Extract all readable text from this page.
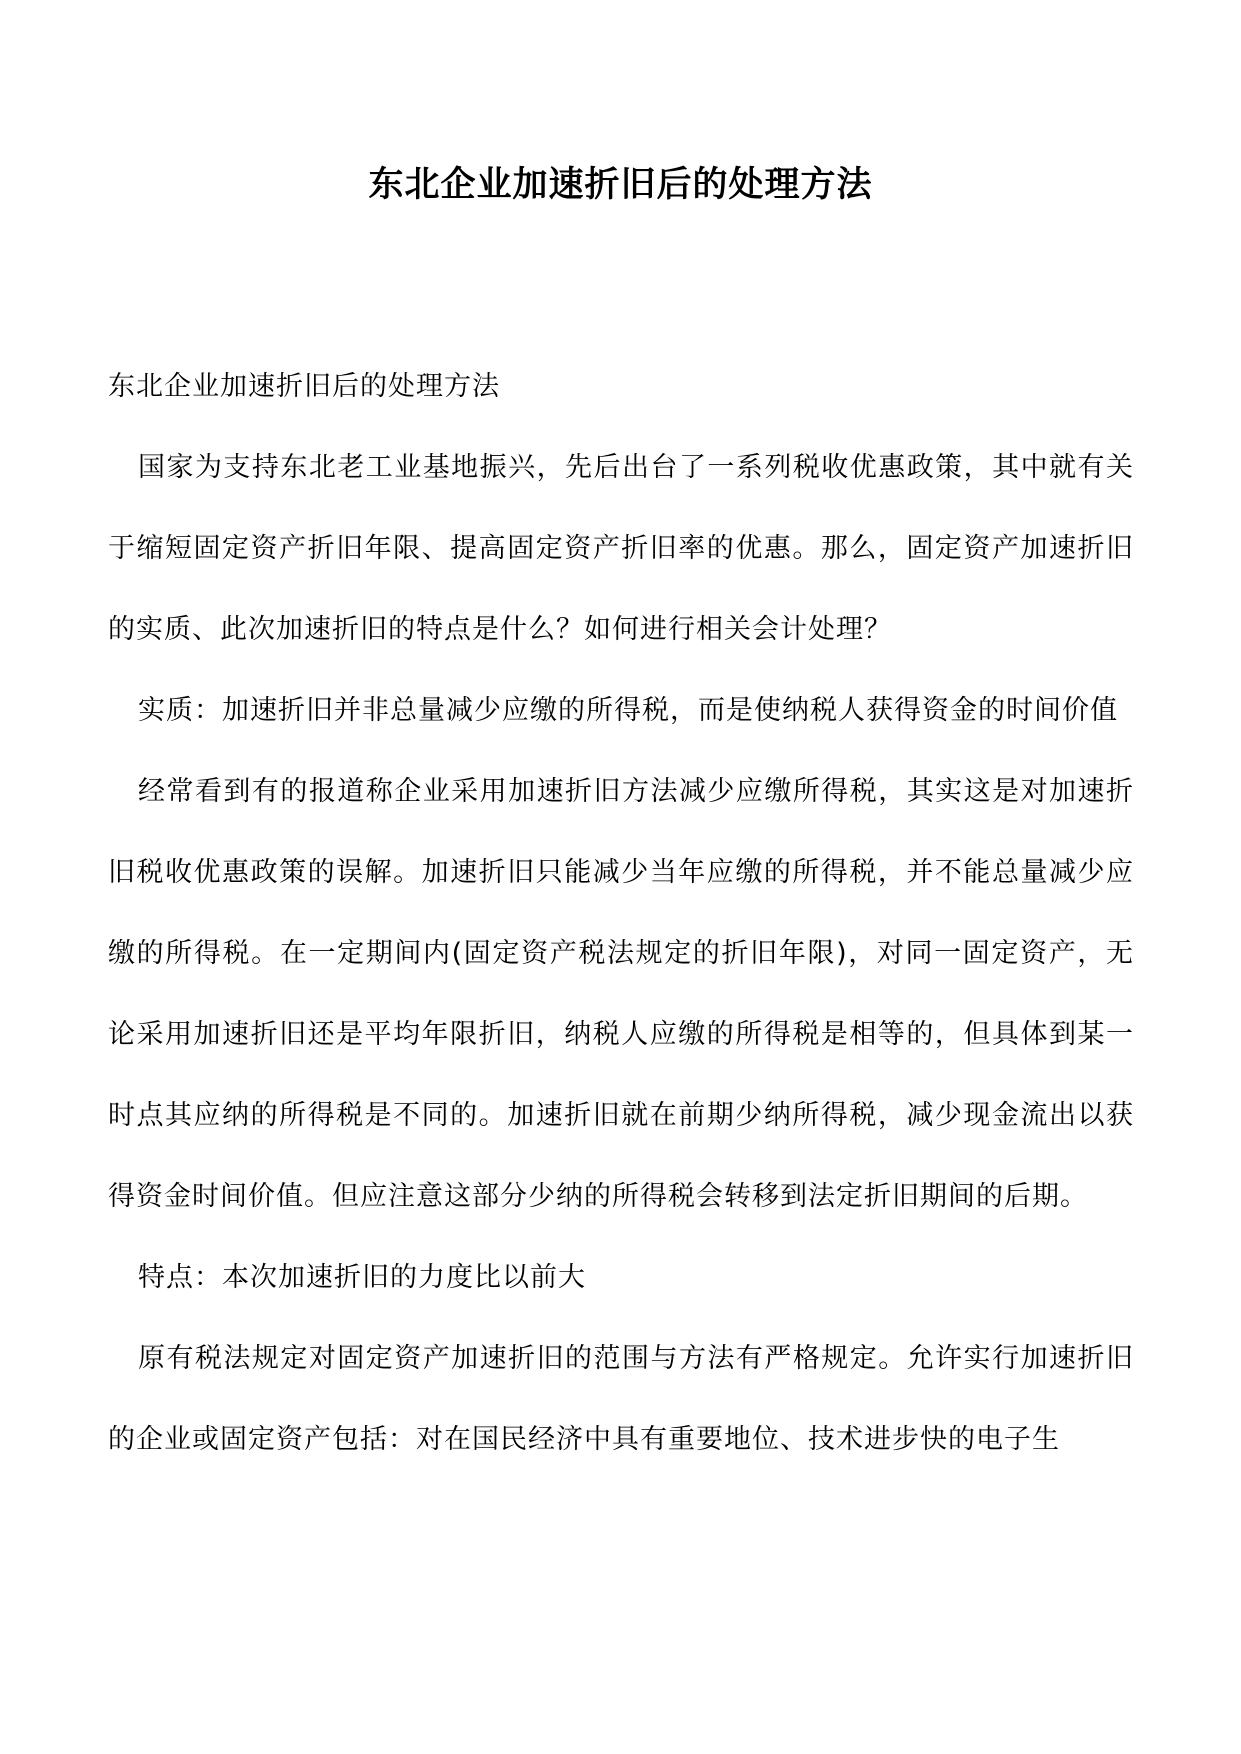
东北企业加速折旧后的处理方法

东北企业加速折旧后的处理方法

国家为支持东北老工业基地振兴，先后出台了一系列税收优惠政策，其中就有关于缩短固定资产折旧年限、提高固定资产折旧率的优惠。那么，固定资产加速折旧的实质、此次加速折旧的特点是什么？如何进行相关会计处理？

实质：加速折旧并非总量减少应缴的所得税，而是使纳税人获得资金的时间价值

经常看到有的报道称企业采用加速折旧方法减少应缴所得税，其实这是对加速折旧税收优惠政策的误解。加速折旧只能减少当年应缴的所得税，并不能总量减少应缴的所得税。在一定期间内(固定资产税法规定的折旧年限)，对同一固定资产，无论采用加速折旧还是平均年限折旧，纳税人应缴的所得税是相等的，但具体到某一时点其应纳的所得税是不同的。加速折旧就在前期少纳所得税，减少现金流出以获得资金时间价值。但应注意这部分少纳的所得税会转移到法定折旧期间的后期。

特点：本次加速折旧的力度比以前大

原有税法规定对固定资产加速折旧的范围与方法有严格规定。允许实行加速折旧的企业或固定资产包括：对在国民经济中具有重要地位、技术进步快的电子生
